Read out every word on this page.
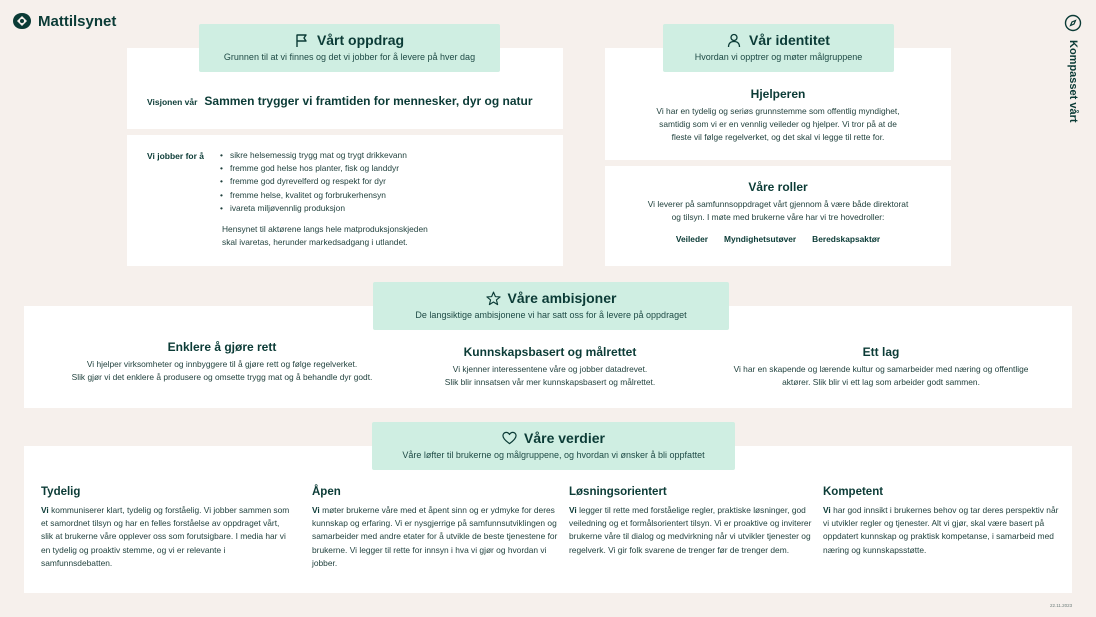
Mattilsynet
Kompasset vårt
Vårt oppdrag
Grunnen til at vi finnes og det vi jobber for å levere på hver dag
Visjonen vår Sammen trygger vi framtiden for mennesker, dyr og natur
Vi jobber for å
•	sikre helsemessig trygg mat og trygt drikkevann
• fremme god helse hos planter, fisk og landdyr
• fremme god dyrevelferd og respekt for dyr
• fremme helse, kvalitet og forbrukerhensyn
• ivareta miljøvennlig produksjon
Hensynet til aktørene langs hele matproduksjonskjeden
skal ivaretas, herunder markedsadgang i utlandet.
Vår identitet
Hvordan vi opptrer og møter målgruppene
Hjelperen
Vi har en tydelig og seriøs grunnstemme som offentlig myndighet,
samtidig som vi er en vennlig veileder og hjelper. Vi tror på at de
fleste vil følge regelverket, og det skal vi legge til rette for.
Våre roller
Vi leverer på samfunnsoppdraget vårt gjennom å være både direktorat
og tilsyn. I møte med brukerne våre har vi tre hovedroller:
Veileder Myndighetsutøver Beredskapsaktør
Våre ambisjoner
De langsiktige ambisjonene vi har satt oss for å levere på oppdraget
Enklere å gjøre rett
Vi hjelper virksomheter og innbyggere til å gjøre rett og følge regelverket.
Slik gjør vi det enklere å produsere og omsette trygg mat og å behandle dyr godt.
Kunnskapsbasert og målrettet
Vi kjenner interessentene våre og jobber datadrevet.
Slik blir innsatsen vår mer kunnskapsbasert og målrettet.
Ett lag
Vi har en skapende og lærende kultur og samarbeider med næring og offentlige
aktører. Slik blir vi ett lag som arbeider godt sammen.
Våre verdier
Våre løfter til brukerne og målgruppene, og hvordan vi ønsker å bli oppfattet
Tydelig
Vi kommuniserer klart, tydelig og forståelig. Vi jobber sammen som et samordnet tilsyn og har en felles forståelse av oppdraget vårt, slik at brukerne våre opplever oss som forutsigbare. I media har vi en tydelig og proaktiv stemme, og vi er relevante i samfunnsdebatten.
Åpen
Vi møter brukerne våre med et åpent sinn og er ydmyke for deres kunnskap og erfaring. Vi er nysgjerrige på samfunnsutviklingen og samarbeider med andre etater for å utvikle de beste tjenestene for brukerne. Vi legger til rette for innsyn i hva vi gjør og hvordan vi jobber.
Løsningsorientert
Vi legger til rette med forståelige regler, praktiske løsninger, god veiledning og et formålsorientert tilsyn. Vi er proaktive og inviterer brukerne våre til dialog og medvirkning når vi utvikler tjenester og regelverk. Vi gir folk svarene de trenger før de trenger dem.
Kompetent
Vi har god innsikt i brukernes behov og tar deres perspektiv når vi utvikler regler og tjenester. Alt vi gjør, skal være basert på oppdatert kunnskap og praktisk kompetanse, i samarbeid med næring og kunnskapsstøtte.
22.11.2023
